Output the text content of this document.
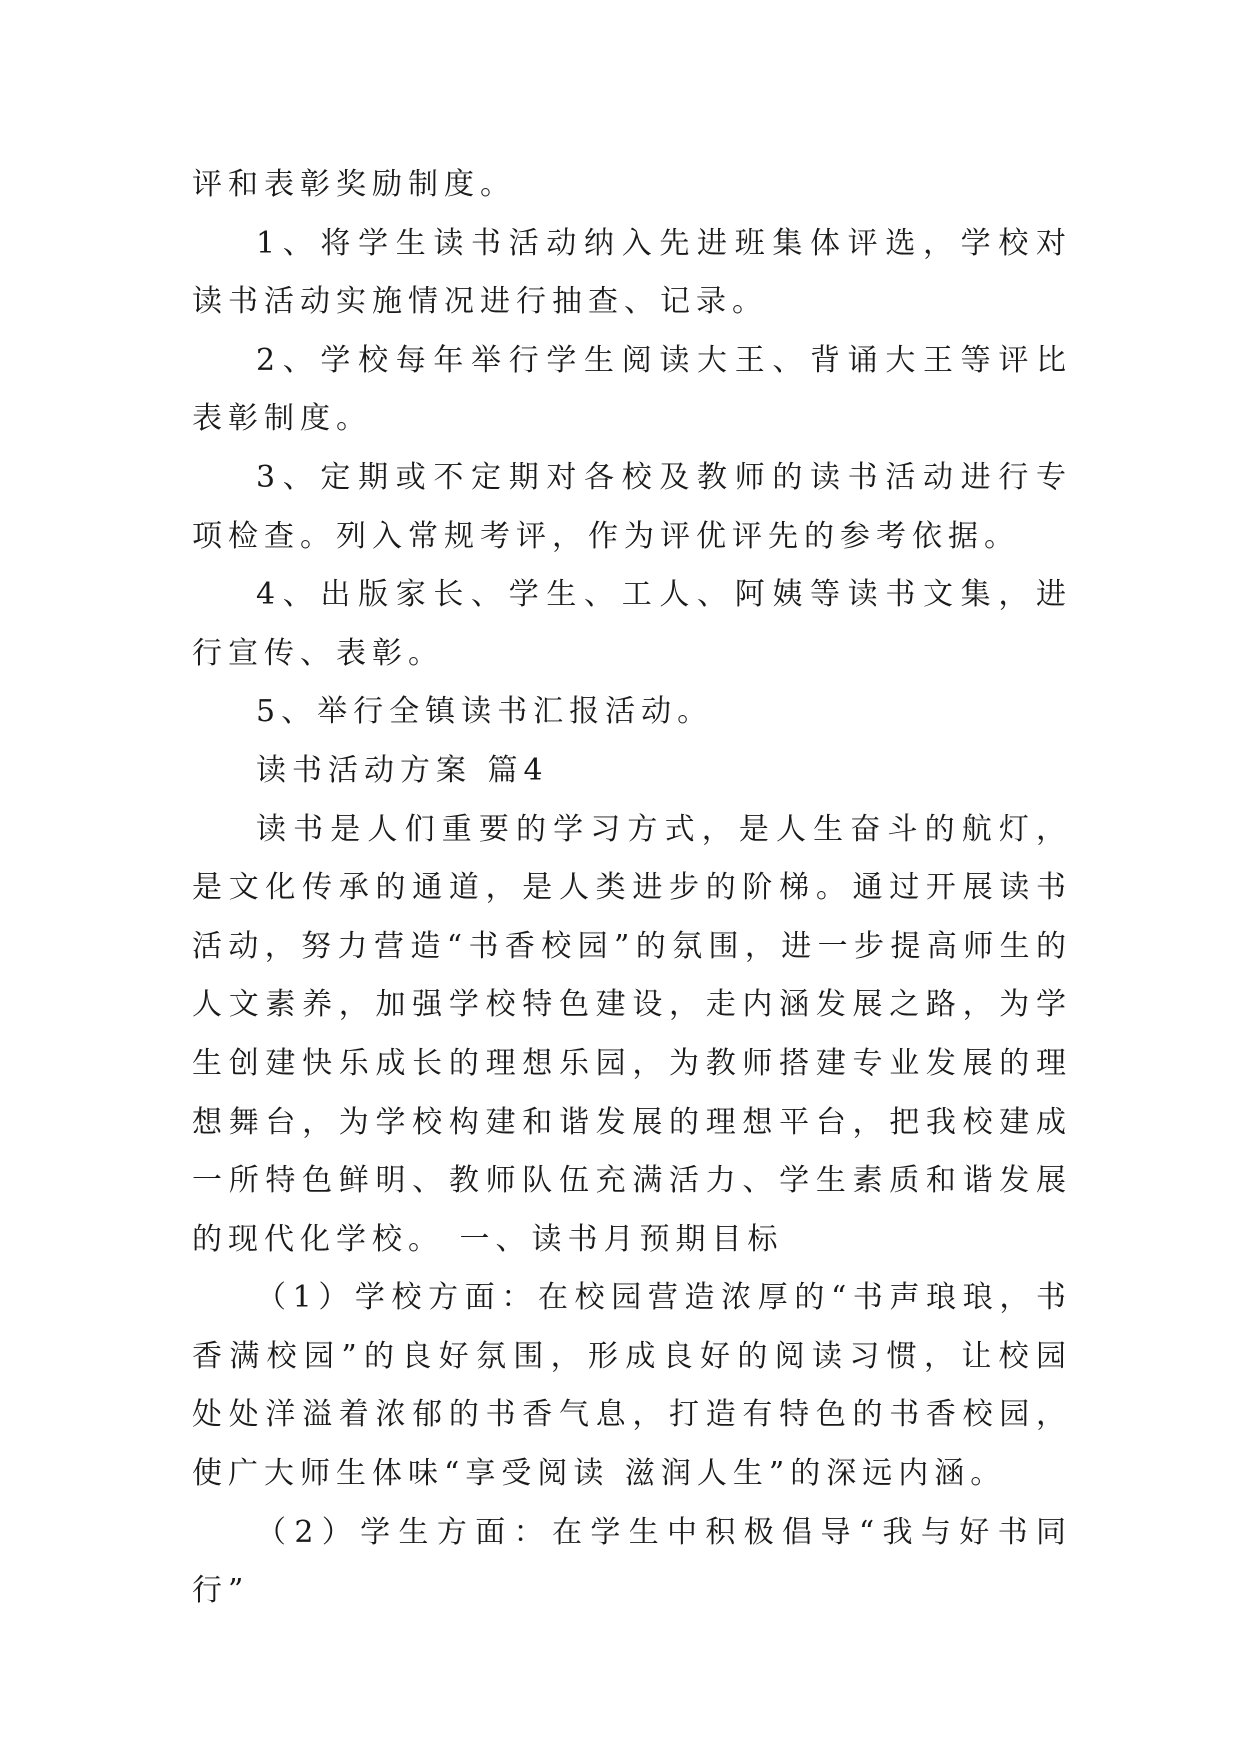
评和表彰奖励制度。

1、将学生读书活动纳入先进班集体评选，学校对读书活动实施情况进行抽查、记录。

2、学校每年举行学生阅读大王、背诵大王等评比表彰制度。

3、定期或不定期对各校及教师的读书活动进行专项检查。列入常规考评，作为评优评先的参考依据。

4、出版家长、学生、工人、阿姨等读书文集，进行宣传、表彰。

5、举行全镇读书汇报活动。

读书活动方案 篇4

读书是人们重要的学习方式，是人生奋斗的航灯，是文化传承的通道，是人类进步的阶梯。通过开展读书活动，努力营造“书香校园”的氛围，进一步提高师生的人文素养，加强学校特色建设，走内涵发展之路，为学生创建快乐成长的理想乐园，为教师搭建专业发展的理想舞台，为学校构建和谐发展的理想平台，把我校建成一所特色鲜明、教师队伍充满活力、学生素质和谐发展的现代化学校。 一、读书月预期目标

（1）学校方面：在校园营造浓厚的“书声琅琅，书香满校园”的良好氛围，形成良好的阅读习惯，让校园处处洋溢着浓郁的书香气息，打造有特色的书香校园，使广大师生体味“享受阅读 滋润人生”的深远内涵。

（2）学生方面：在学生中积极倡导“我与好书同行”
